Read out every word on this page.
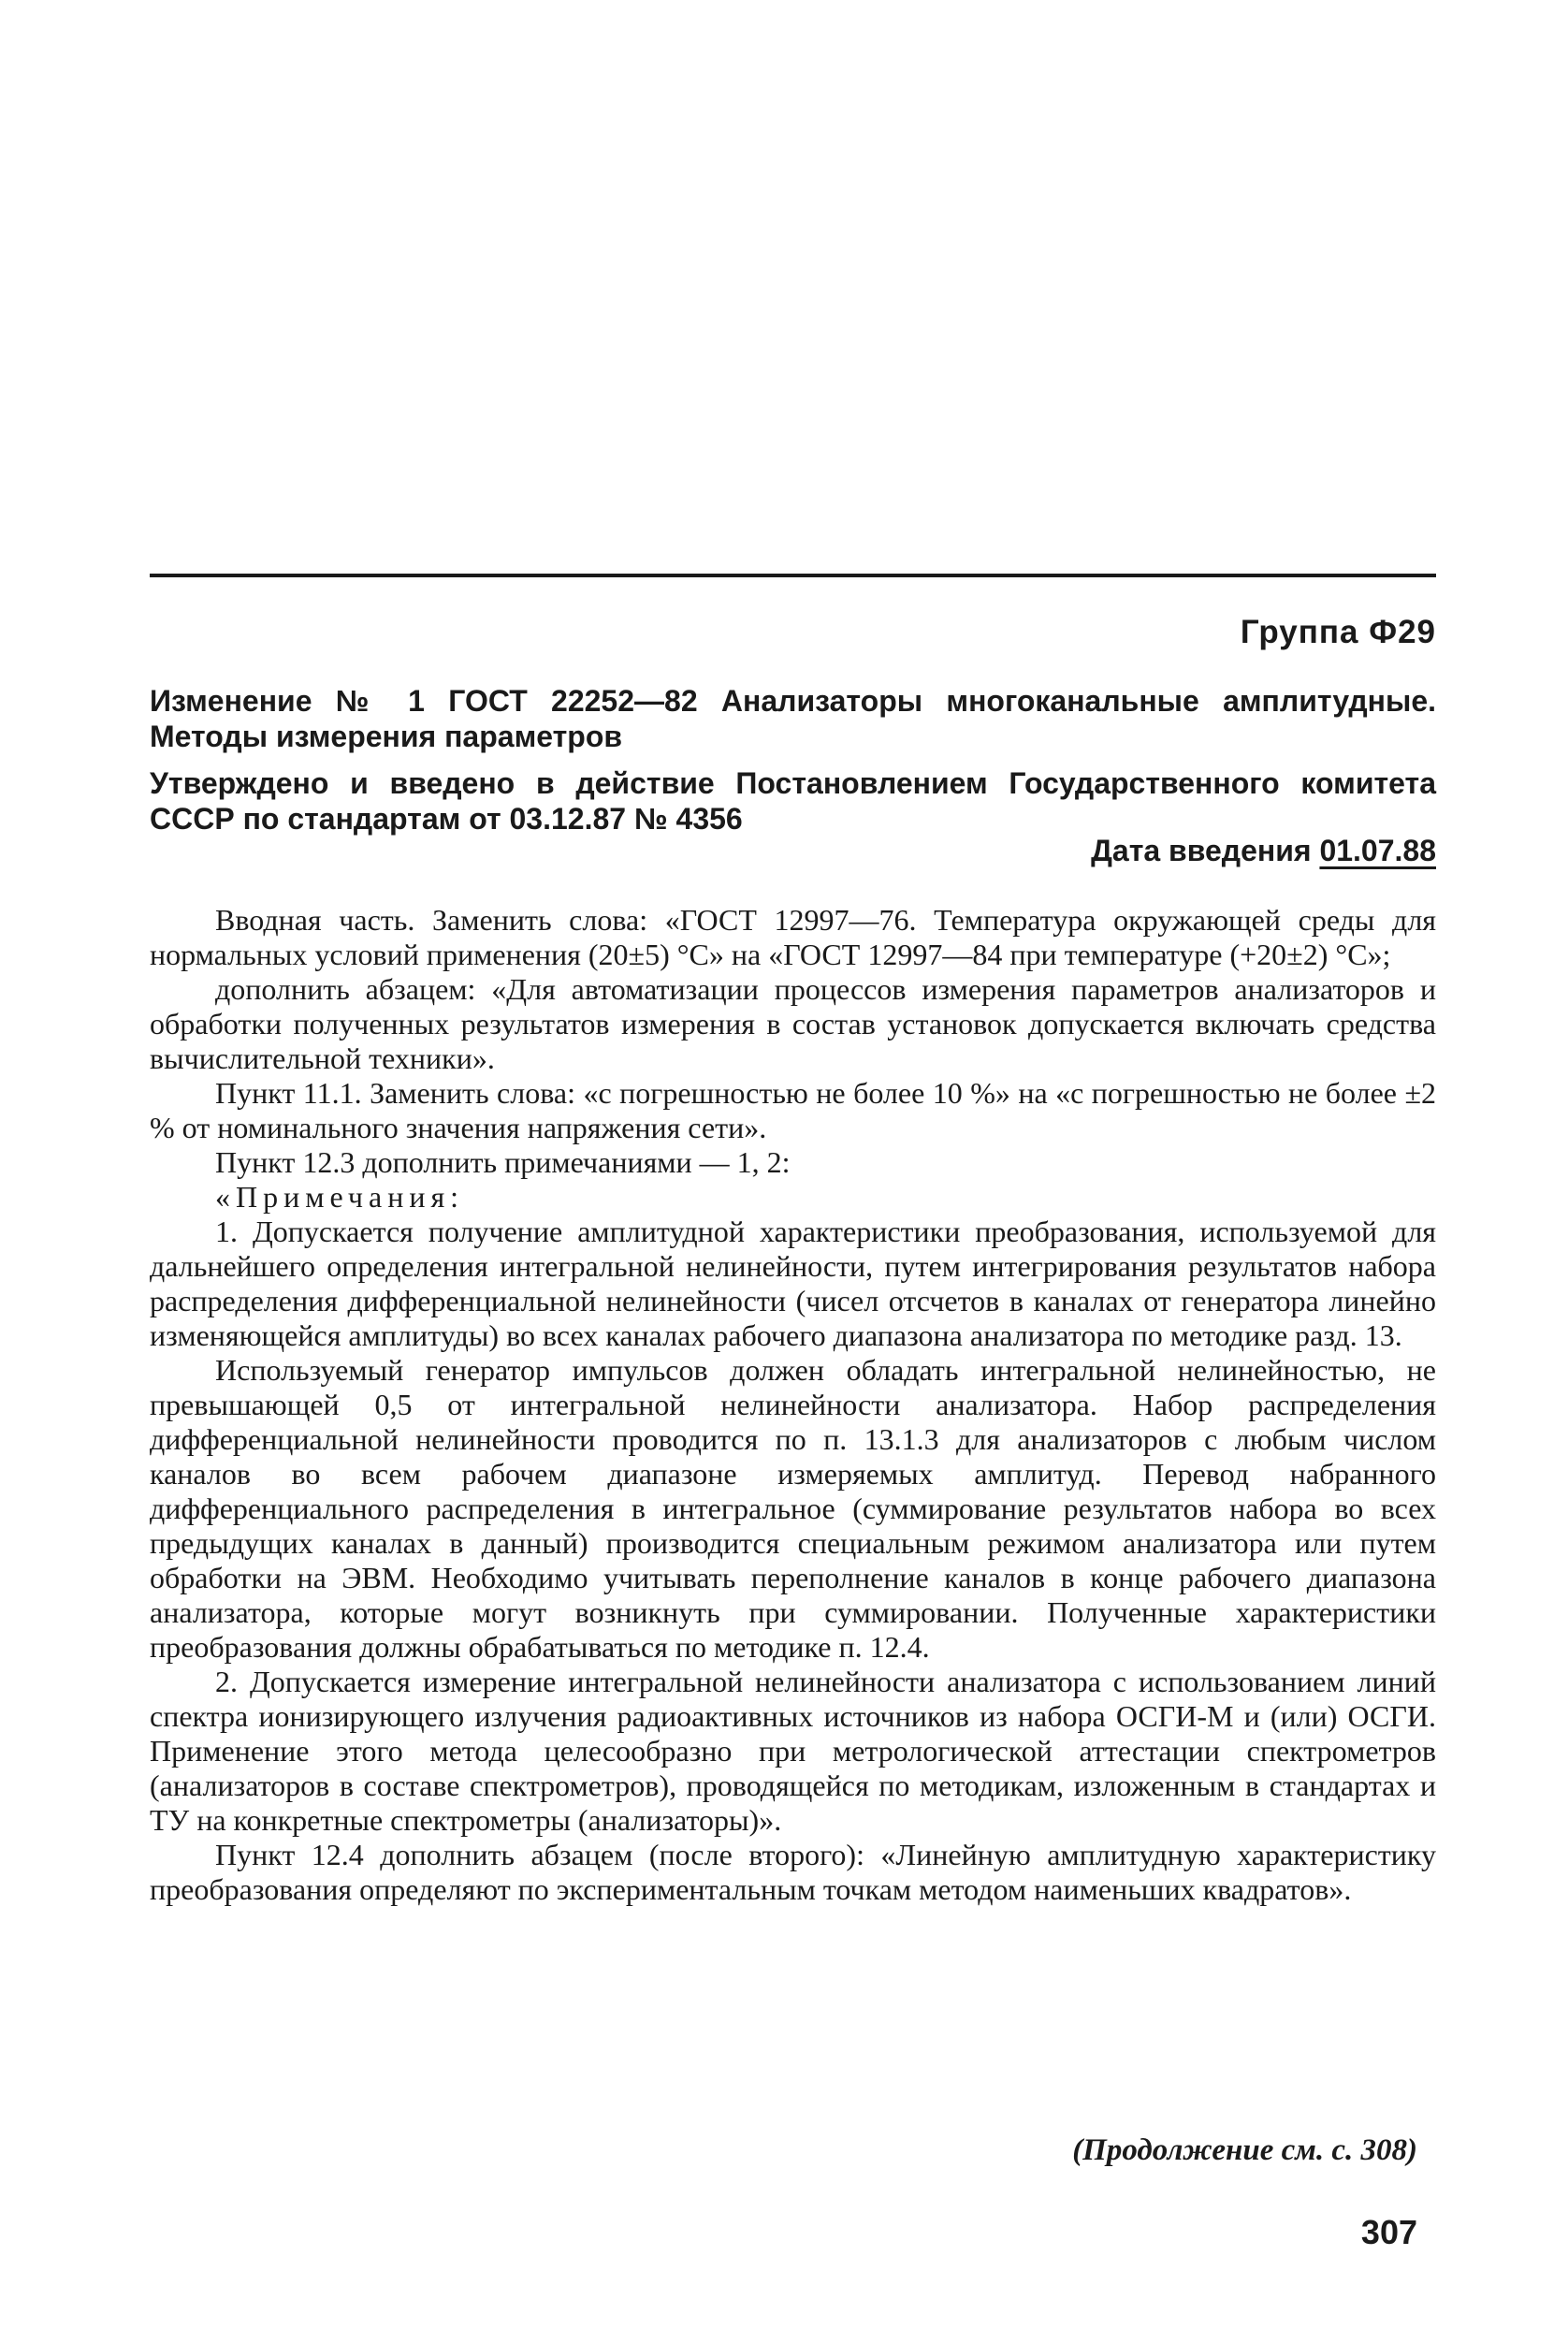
Группа Ф29
Изменение № 1 ГОСТ 22252—82 Анализаторы многоканальные амплитудные. Методы измерения параметров
Утверждено и введено в действие Постановлением Государственного комитета СССР по стандартам от 03.12.87 № 4356
Дата введения 01.07.88

Вводная часть. Заменить слова: «ГОСТ 12997—76. Температура окружающей среды для нормальных условий применения (20±5) °С» на «ГОСТ 12997—84 при температуре (+20±2) °С»;

дополнить абзацем: «Для автоматизации процессов измерения параметров анализаторов и обработки полученных результатов измерения в состав установок допускается включать средства вычислительной техники».

Пункт 11.1. Заменить слова: «с погрешностью не более 10 %» на «с погрешностью не более ±2 % от номинального значения напряжения сети».

Пункт 12.3 дополнить примечаниями — 1, 2:

«Примечания:

1. Допускается получение амплитудной характеристики преобразования, используемой для дальнейшего определения интегральной нелинейности, путем интегрирования результатов набора распределения дифференциальной нелинейности (чисел отсчетов в каналах от генератора линейно изменяющейся амплитуды) во всех каналах рабочего диапазона анализатора по методике разд. 13.

Используемый генератор импульсов должен обладать интегральной нелинейностью, не превышающей 0,5 от интегральной нелинейности анализатора. Набор распределения дифференциальной нелинейности проводится по п. 13.1.3 для анализаторов с любым числом каналов во всем рабочем диапазоне измеряемых амплитуд. Перевод набранного дифференциального распределения в интегральное (суммирование результатов набора во всех предыдущих каналах в данный) производится специальным режимом анализатора или путем обработки на ЭВМ. Необходимо учитывать переполнение каналов в конце рабочего диапазона анализатора, которые могут возникнуть при суммировании. Полученные характеристики преобразования должны обрабатываться по методике п. 12.4.

2. Допускается измерение интегральной нелинейности анализатора с использованием линий спектра ионизирующего излучения радиоактивных источников из набора ОСГИ-М и (или) ОСГИ. Применение этого метода целесообразно при метрологической аттестации спектрометров (анализаторов в составе спектрометров), проводящейся по методикам, изложенным в стандартах и ТУ на конкретные спектрометры (анализаторы)».

Пункт 12.4 дополнить абзацем (после второго): «Линейную амплитудную характеристику преобразования определяют по экспериментальным точкам методом наименьших квадратов».

(Продолжение см. с. 308)
307
